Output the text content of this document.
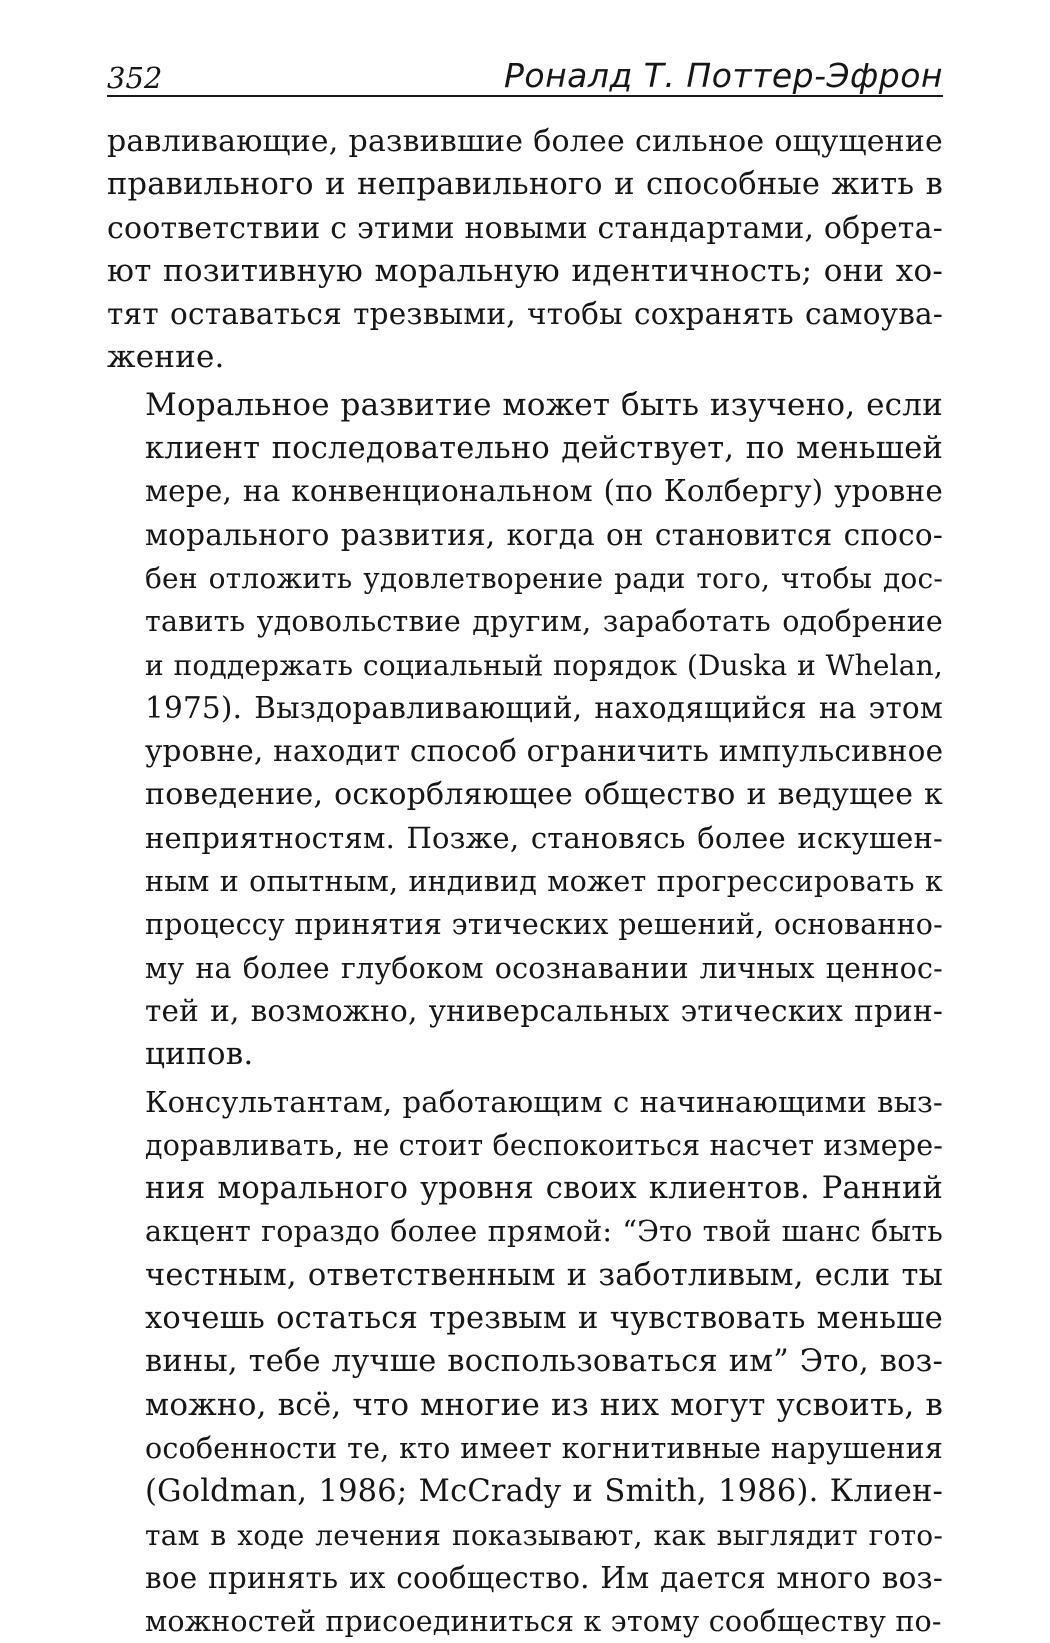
352	Роналд Т. Поттер-Эфрон

равливающие, развившие более сильное ощущение
правильного и неправильного и способные жить в
соответствии с этими новыми стандартами, обрета-
ют позитивную моральную идентичность; они хо-
тят оставаться трезвыми, чтобы сохранять самоува-
жение.

Моральное развитие может быть изучено, если
клиент последовательно действует, по меньшей
мере, на конвенциональном (по Колбергу) уровне
морального развития, когда он становится спосо-
бен отложить удовлетворение ради того, чтобы дос-
тавить удовольствие другим, заработать одобрение
и поддержать социальный порядок (Duska и Whelan,
1975). Выздоравливающий, находящийся на этом
уровне, находит способ ограничить импульсивное
поведение, оскорбляющее общество и ведущее к
неприятностям. Позже, становясь более искушен-
ным и опытным, индивид может прогрессировать к
процессу принятия этических решений, основанно-
му на более глубоком осознавании личных ценнос-
тей и, возможно, универсальных этических прин-
ципов.

Консультантам, работающим с начинающими выз-
доравливать, не стоит беспокоиться насчет измере-
ния морального уровня своих клиентов. Ранний
акцент гораздо более прямой: “Это твой шанс быть
честным, ответственным и заботливым, если ты
хочешь остаться трезвым и чувствовать меньше
вины, тебе лучше воспользоваться им” Это, воз-
можно, всё, что многие из них могут усвоить, в
особенности те, кто имеет когнитивные нарушения
(Goldman, 1986; McCrady и Smith, 1986). Клиен-
там в ходе лечения показывают, как выглядит гото-
вое принять их сообщество. Им дается много воз-
можностей присоединиться к этому сообществу по-
